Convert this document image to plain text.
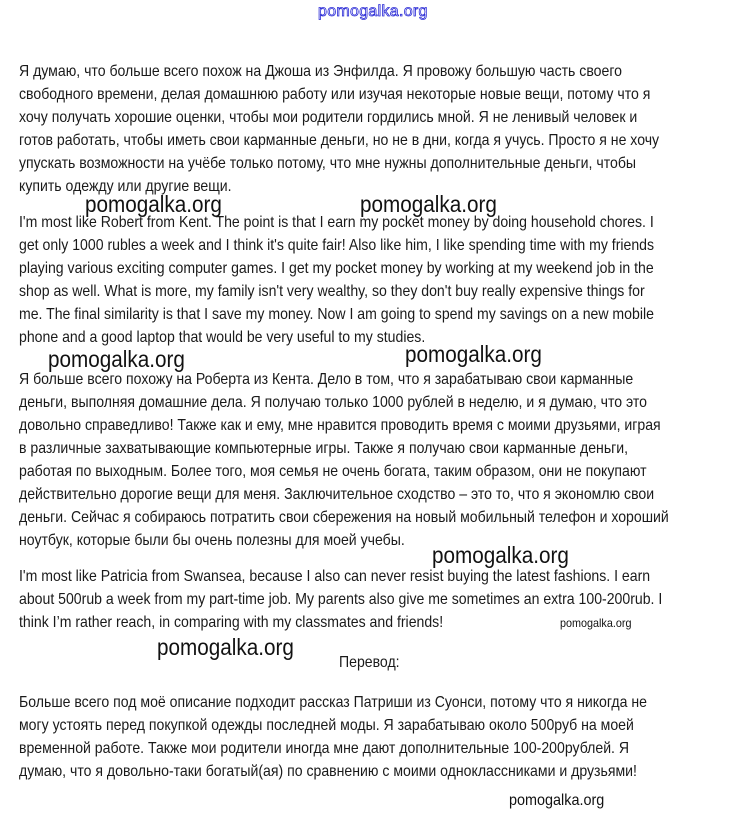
pomogalka.org
Я думаю, что больше всего похож на Джоша из Энфилда. Я провожу большую часть своего
свободного времени, делая домашнюю работу или изучая некоторые новые вещи, потому что я
хочу получать хорошие оценки, чтобы мои родители гордились мной. Я не ленивый человек и
готов работать, чтобы иметь свои карманные деньги, но не в дни, когда я учусь. Просто я не хочу
упускать возможности на учёбе только потому, что мне нужны дополнительные деньги, чтобы
купить одежду или другие вещи.
I'm most like Robert from Kent. The point is that I earn my pocket money by doing household chores. I
get only 1000 rubles a week and I think it's quite fair! Also like him, I like spending time with my friends
playing various exciting computer games. I get my pocket money by working at my weekend job in the
shop as well. What is more, my family isn't very wealthy, so they don't buy really expensive things for
me. The final similarity is that I save my money. Now I am going to spend my savings on a new mobile
phone and a good laptop that would be very useful to my studies.
Я больше всего похожу на Роберта из Кента. Дело в том, что я зарабатываю свои карманные
деньги, выполняя домашние дела. Я получаю только 1000 рублей в неделю, и я думаю, что это
довольно справедливо! Также как и ему, мне нравится проводить время с моими друзьями, играя
в различные захватывающие компьютерные игры. Также я получаю свои карманные деньги,
работая по выходным. Более того, моя семья не очень богата, таким образом, они не покупают
действительно дорогие вещи для меня. Заключительное сходство – это то, что я экономлю свои
деньги. Сейчас я собираюсь потратить свои сбережения на новый мобильный телефон и хороший
ноутбук, которые были бы очень полезны для моей учебы.
I'm most like Patricia from Swansea, because I also can never resist buying the latest fashions. I earn
about 500rub a week from my part-time job. My parents also give me sometimes an extra 100-200rub. I
think I’m rather reach, in comparing with my classmates and friends!
Больше всего под моё описание подходит рассказ Патриши из Суонси, потому что я никогда не
могу устоять перед покупкой одежды последней моды. Я зарабатываю около 500руб на моей
временной работе. Также мои родители иногда мне дают дополнительные 100-200рублей. Я
думаю, что я довольно-таки богатый(ая) по сравнению с моими одноклассниками и друзьями!
Перевод:
pomogalka.org	pomogalka.org
pomogalka.org	pomogalka.org
pomogalka.org
pomogalka.org
pomogalka.org
pomogalka.org
